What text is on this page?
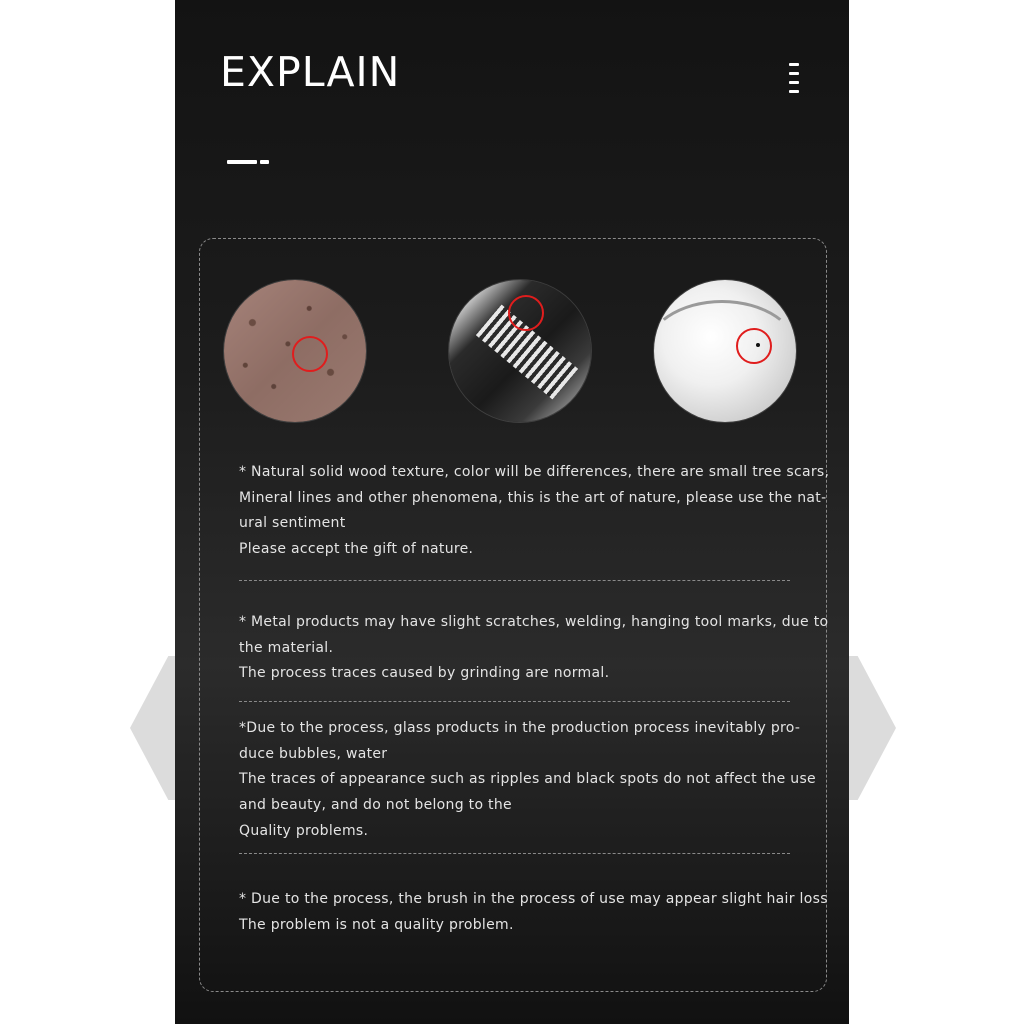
EXPLAIN

* Natural solid wood texture, color will be differences, there are small tree scars,
Mineral lines and other phenomena, this is the art of nature, please use the nat-
ural sentiment
Please accept the gift of nature.

* Metal products may have slight scratches, welding, hanging tool marks, due to
the material.
The process traces caused by grinding are normal.

*Due to the process, glass products in the production process inevitably pro-
duce bubbles, water
The traces of appearance such as ripples and black spots do not affect the use
and beauty, and do not belong to the
Quality problems.

* Due to the process, the brush in the process of use may appear slight hair loss
The problem is not a quality problem.
